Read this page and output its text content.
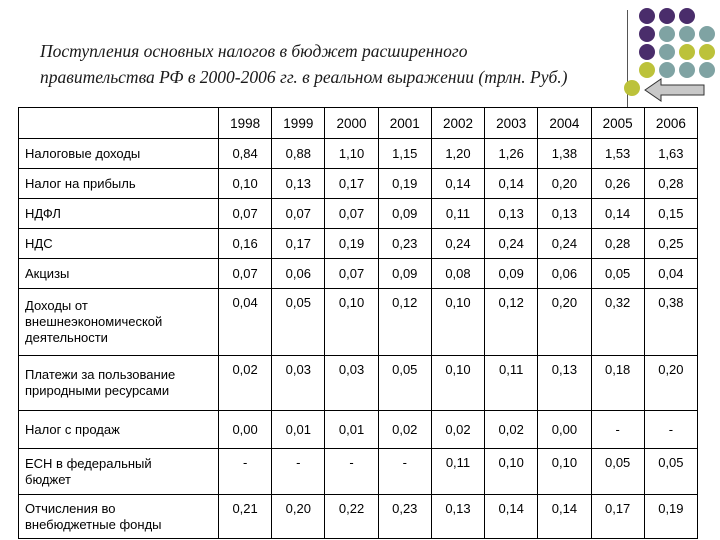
Поступления основных налогов в бюджет расширенного
правительства РФ в 2000-2006 гг. в реальном выражении (трлн. Руб.)
	1998	1999	2000	2001	2002	2003	2004	2005	2006
Налоговые доходы	0,84	0,88	1,10	1,15	1,20	1,26	1,38	1,53	1,63
Налог на прибыль	0,10	0,13	0,17	0,19	0,14	0,14	0,20	0,26	0,28
НДФЛ	0,07	0,07	0,07	0,09	0,11	0,13	0,13	0,14	0,15
НДС	0,16	0,17	0,19	0,23	0,24	0,24	0,24	0,28	0,25
Акцизы	0,07	0,06	0,07	0,09	0,08	0,09	0,06	0,05	0,04

Доходы от
внешнеэкономической
деятельности	0,04	0,05	0,10	0,12	0,10	0,12	0,20	0,32	0,38

Платежи за пользование
природными ресурсами	0,02	0,03	0,03	0,05	0,10	0,11	0,13	0,18	0,20
Налог с продаж	0,00	0,01	0,01	0,02	0,02	0,02	0,00	-	-

ЕСН в федеральный
бюджет	-	-	-	-	0,11	0,10	0,10	0,05	0,05

Отчисления во
внебюджетные фонды	0,21	0,20	0,22	0,23	0,13	0,14	0,14	0,17	0,19
